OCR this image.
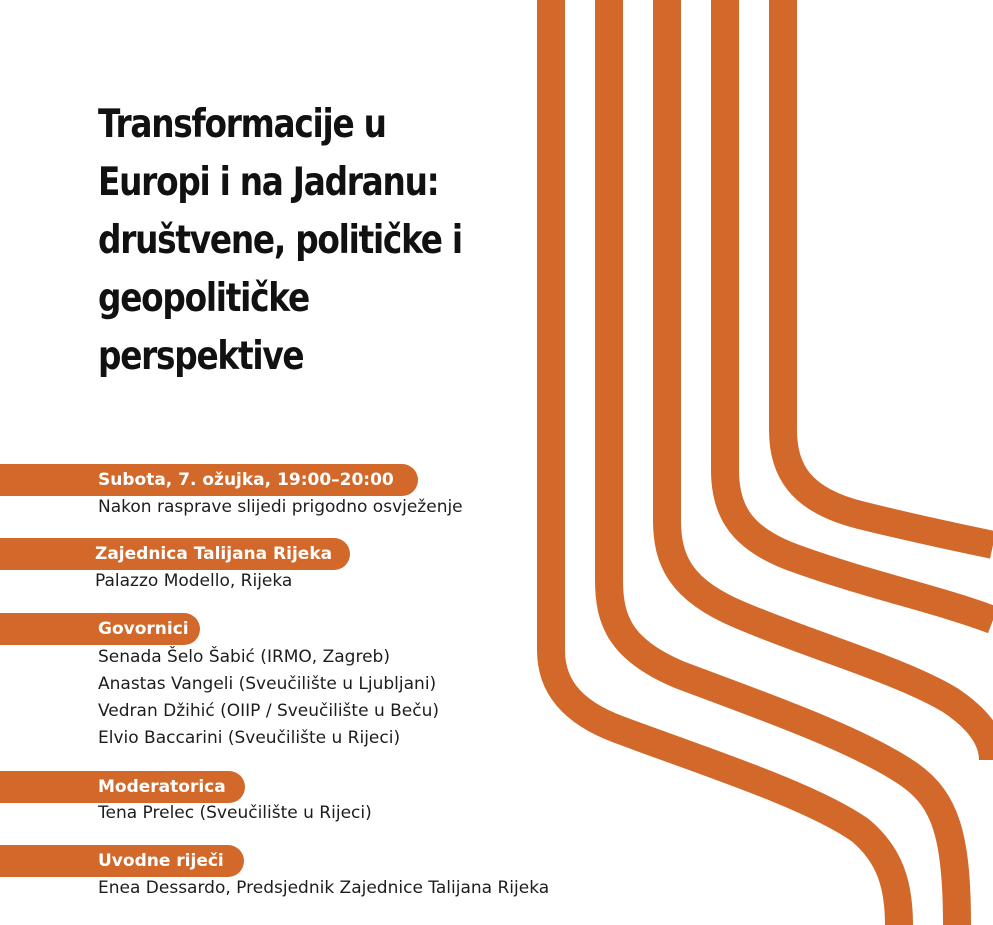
Transformacije u
Europi i na Jadranu:
društvene, političke i
geopolitičke
perspektive
Subota, 7. ožujka, 19:00–20:00
Nakon rasprave slijedi prigodno osvježenje
Zajednica Talijana Rijeka
Palazzo Modello, Rijeka
Govornici
Senada Šelo Šabić (IRMO, Zagreb)
Anastas Vangeli (Sveučilište u Ljubljani)
Vedran Džihić (OIIP / Sveučilište u Beču)
Elvio Baccarini (Sveučilište u Rijeci)
Moderatorica
Tena Prelec (Sveučilište u Rijeci)
Uvodne riječi
Enea Dessardo, Predsjednik Zajednice Talijana Rijeka
